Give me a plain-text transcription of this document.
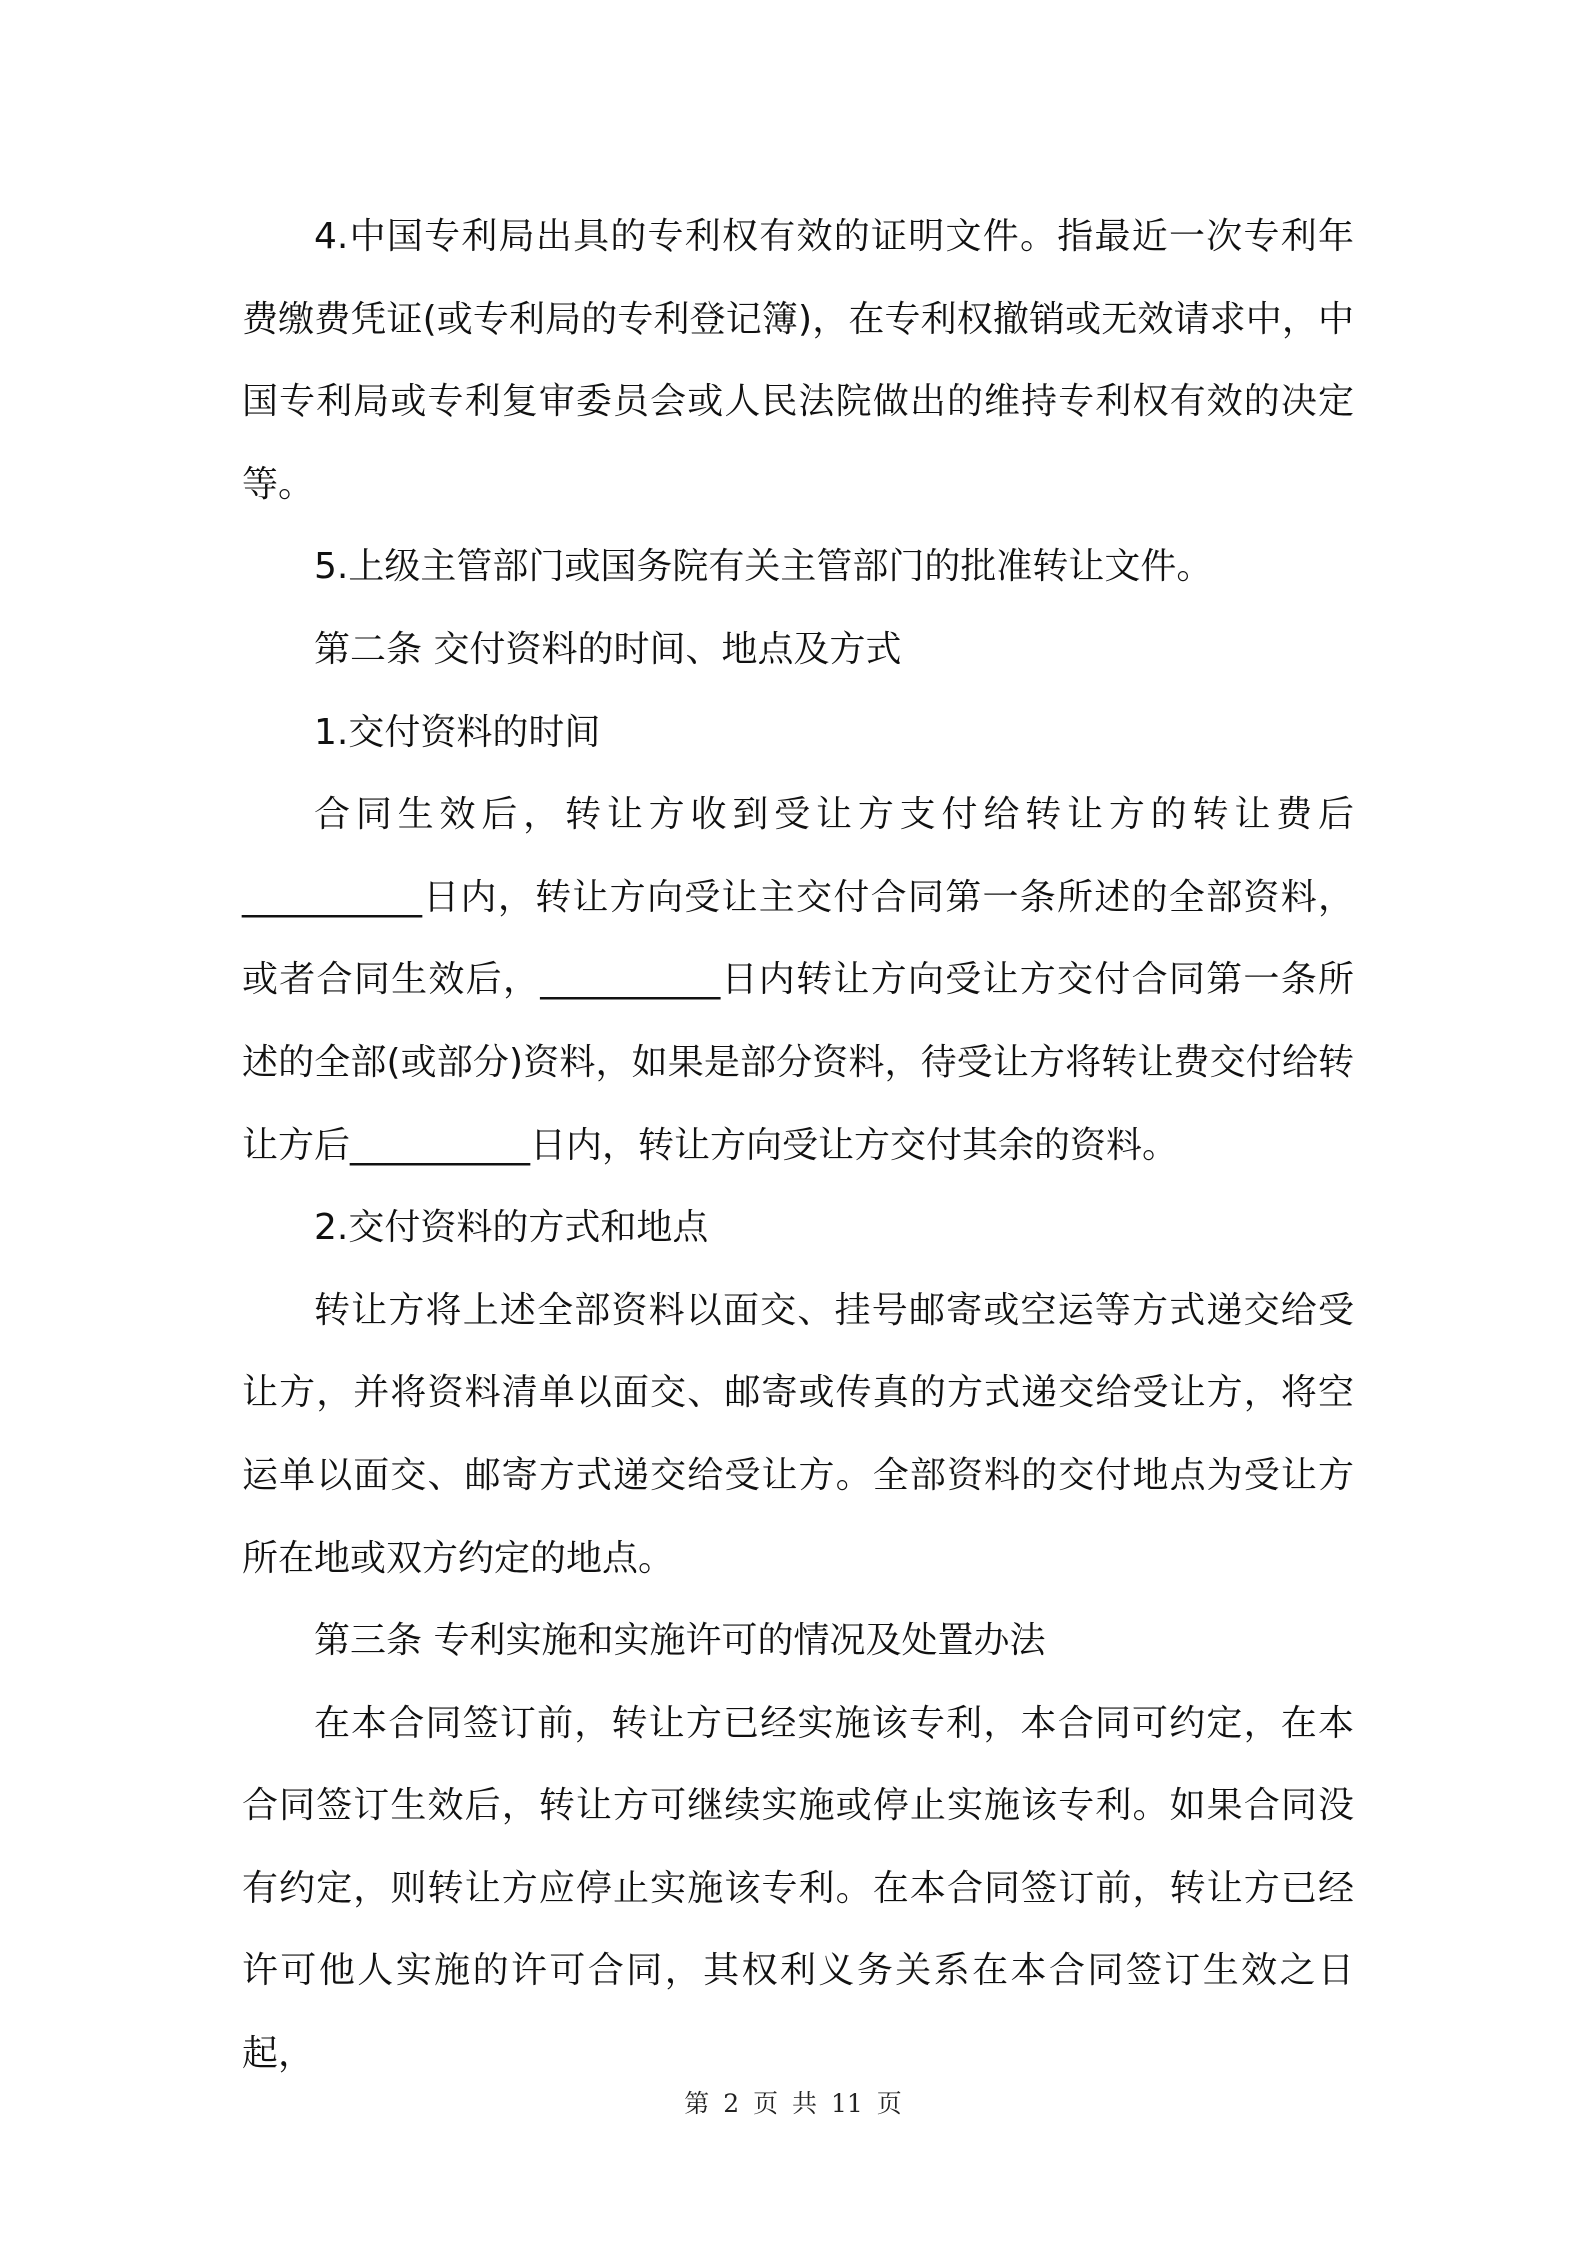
4.中国专利局出具的专利权有效的证明文件。指最近一次专利年费缴费凭证(或专利局的专利登记簿)，在专利权撤销或无效请求中，中国专利局或专利复审委员会或人民法院做出的维持专利权有效的决定等。

5.上级主管部门或国务院有关主管部门的批准转让文件。

第二条 交付资料的时间、地点及方式

1.交付资料的时间

合同生效后，转让方收到受让方支付给转让方的转让费后__________日内，转让方向受让主交付合同第一条所述的全部资料，或者合同生效后，__________日内转让方向受让方交付合同第一条所述的全部(或部分)资料，如果是部分资料，待受让方将转让费交付给转让方后__________日内，转让方向受让方交付其余的资料。

2.交付资料的方式和地点

转让方将上述全部资料以面交、挂号邮寄或空运等方式递交给受让方，并将资料清单以面交、邮寄或传真的方式递交给受让方，将空运单以面交、邮寄方式递交给受让方。全部资料的交付地点为受让方所在地或双方约定的地点。

第三条 专利实施和实施许可的情况及处置办法

在本合同签订前，转让方已经实施该专利，本合同可约定，在本合同签订生效后，转让方可继续实施或停止实施该专利。如果合同没有约定，则转让方应停止实施该专利。在本合同签订前，转让方已经许可他人实施的许可合同，其权利义务关系在本合同签订生效之日起，

第 2 页 共 11 页
